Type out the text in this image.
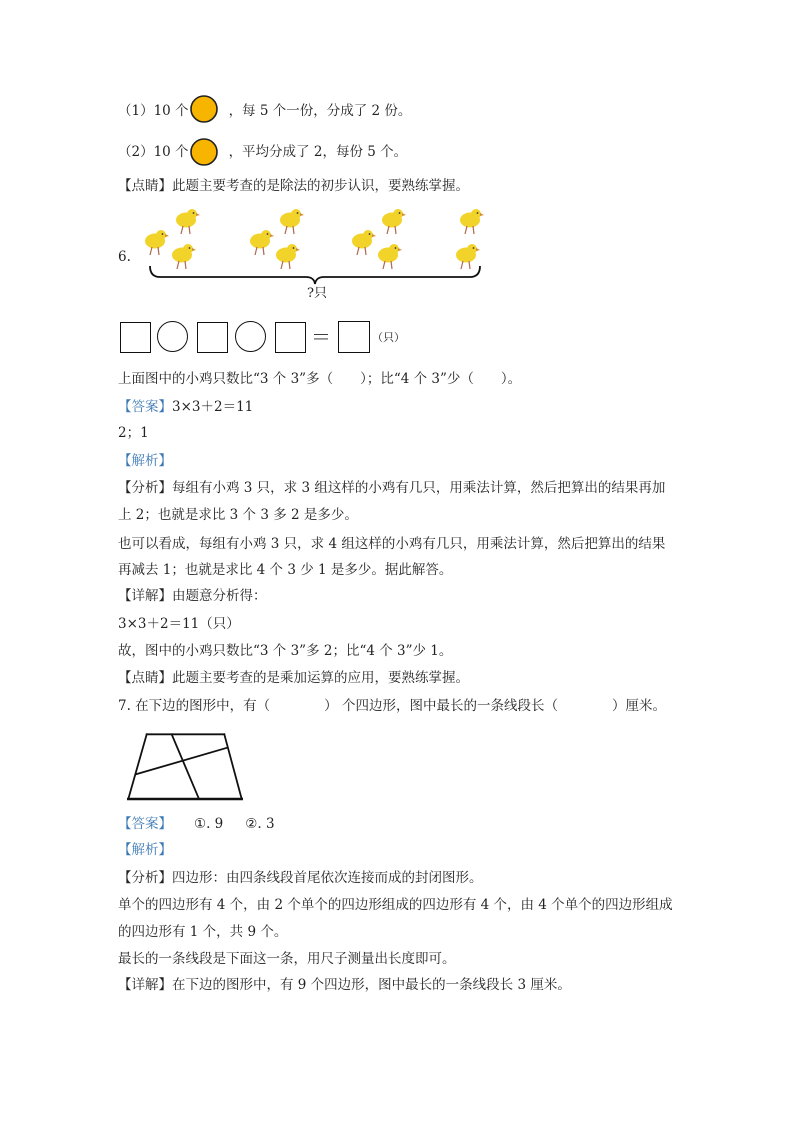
（1）10 个	，每 5 个一份，分成了 2 份。
（2）10 个	，平均分成了 2，每份 5 个。
【点睛】此题主要考查的是除法的初步认识，要熟练掌握。
6.
?只
＝	（只）
上面图中的小鸡只数比“3 个 3”多（　　）；比“4 个 3”少（　　）。
【答案】3×3＋2＝11
2；1
【解析】
【分析】每组有小鸡 3 只，求 3 组这样的小鸡有几只，用乘法计算，然后把算出的结果再加
上 2；也就是求比 3 个 3 多 2 是多少。
也可以看成，每组有小鸡 3 只，求 4 组这样的小鸡有几只，用乘法计算，然后把算出的结果
再减去 1；也就是求比 4 个 3 少 1 是多少。据此解答。
【详解】由题意分析得：
3×3＋2＝11（只）
故，图中的小鸡只数比“3 个 3”多 2；比“4 个 3”少 1。
【点睛】此题主要考查的是乘加运算的应用，要熟练掌握。
7. 在下边的图形中，有（　　　　） 个四边形，图中最长的一条线段长（　　　　）厘米。
【答案】 ①. 9 ②. 3
【解析】
【分析】四边形：由四条线段首尾依次连接而成的封闭图形。
单个的四边形有 4 个，由 2 个单个的四边形组成的四边形有 4 个，由 4 个单个的四边形组成
的四边形有 1 个，共 9 个。
最长的一条线段是下面这一条，用尺子测量出长度即可。
【详解】在下边的图形中，有 9 个四边形，图中最长的一条线段长 3 厘米。
